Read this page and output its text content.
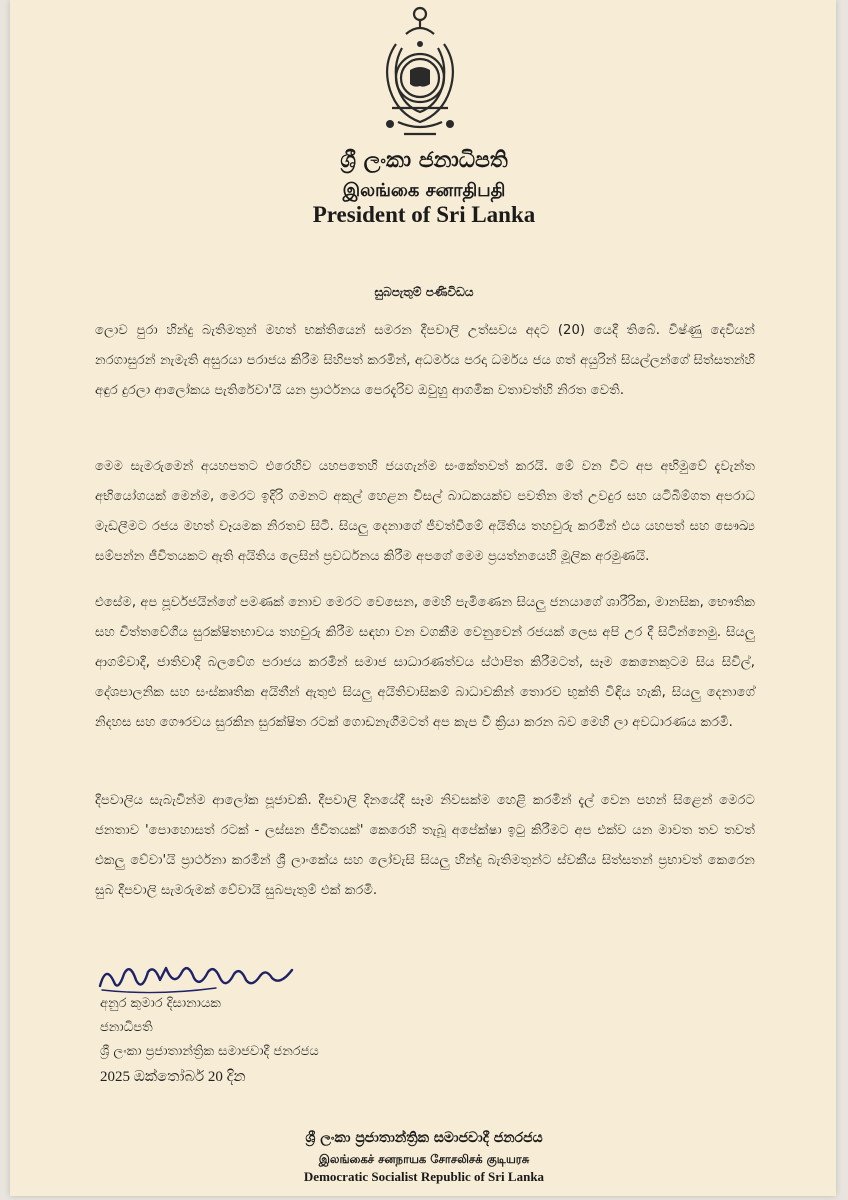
ශ්‍රී ලංකා ජනාධිපති
இலங்கை சனாதிபதி
President of Sri Lanka
සුබපැතුම් පණිවිඩය
ලොව පුරා හින්දු බැතිමතුන් මහත් භක්තියෙන් සමරන දීපවාලි උත්සවය අදට (20) යෙදී තිබේ. විෂ්ණු දෙවියන් නරගාසුරන් නැමැති අසුරයා පරාජය කිරීම සිහිපත් කරමින්, අධර්මය පරදා ධර්මය ජය ගත් අයුරින් සියල්ලන්ගේ සිත්සතන්හි අඳුර දුරලා ආලෝකය පැතිරේවා'යි යන ප්‍රාර්ථනය පෙරදැරිව ඔවුහු ආගමික වතාවත්හි නිරත වෙති.
මෙම සැමරුමෙන් අයහපතට එරෙහිව යහපතෙහි ජයගැන්ම සංකේතවත් කරයි. මේ වන විට අප අභිමුවේ දැවැන්ත අභියෝගයක් මෙන්ම, මෙරට ඉදිරි ගමනට අකුල් හෙළන විසල් බාධකයක්ව පවතින මත් උවදුර සහ යටිබිම්ගත අපරාධ මැඩලීමට රජය මහත් වෑයමක නිරතව සිටී. සියලු දෙනාගේ ජීවත්වීමේ අයිතිය තහවුරු කරමින් එය යහපත් සහ සෞඛ්‍ය සම්පන්න ජීවිතයකට ඇති අයිතිය ලෙසින් ප්‍රවර්ධනය කිරීම අපගේ මෙම ප්‍රයත්නයෙහි මූලික අරමුණයි.
එසේම, අප පූර්වජයින්ගේ පමණක් නොව මෙරට වෙසෙන, මෙහි පැමිණෙන සියලු ජනයාගේ ශාරීරික, මානසික, භෞතික සහ චිත්තවේගීය සුරක්ෂිතභාවය තහවුරු කිරීම සඳහා වන වගකීම වෙනුවෙන් රජයක් ලෙස අපි උර දී සිටින්නෙමු. සියලු ආගම්වාදී, ජාතිවාදී බලවේග පරාජය කරමින් සමාජ සාධාරණත්වය ස්ථාපිත කිරීමටත්, සෑම කෙනෙකුටම සිය සිවිල්, දේශපාලනික සහ සංස්කෘතික අයිතීන් ඇතුළු සියලු අයිතිවාසිකම් බාධාවකින් තොරව භුක්ති විඳිය හැකි, සියලු දෙනාගේ නිදහස සහ ගෞරවය සුරකින සුරක්ෂිත රටක් ගොඩනැගීමටත් අප කැප වී ක්‍රියා කරන බව මෙහි ලා අවධාරණය කරමි.
දීපවාලිය සැබැවින්ම ආලෝක පූජාවකි. දීපවාලි දිනයේදී සෑම නිවසක්ම හෙළි කරමින් දැල් වෙන පහන් සිළෙන් මෙරට ජනතාව 'පොහොසත් රටක් - ලස්සන ජීවිතයක්' කෙරෙහි තැබූ අපේක්ෂා ඉටු කිරීමට අප එක්ව යන මාවත තව තවත් එකලු වේවා'යි ප්‍රාර්ථනා කරමින් ශ්‍රී ලාංකේය සහ ලෝවැසි සියලු හින්දු බැතිමතුන්ට ස්වකීය සිත්සතන් ප්‍රභාවත් කෙරෙන සුබ දීපවාලි සැමරුමක් වේවායි සුබපැතුම් එක් කරමි.
අනුර කුමාර දිසානායක
ජනාධිපති
ශ්‍රී ලංකා ප්‍රජාතාන්ත්‍රික සමාජවාදී ජනරජය
2025 ඔක්තෝබර් 20 දින
ශ්‍රී ලංකා ප්‍රජාතාන්ත්‍රික සමාජවාදී ජනරජය
இலங்கைச் சனநாயக சோசலிசக் குடியரசு
Democratic Socialist Republic of Sri Lanka
